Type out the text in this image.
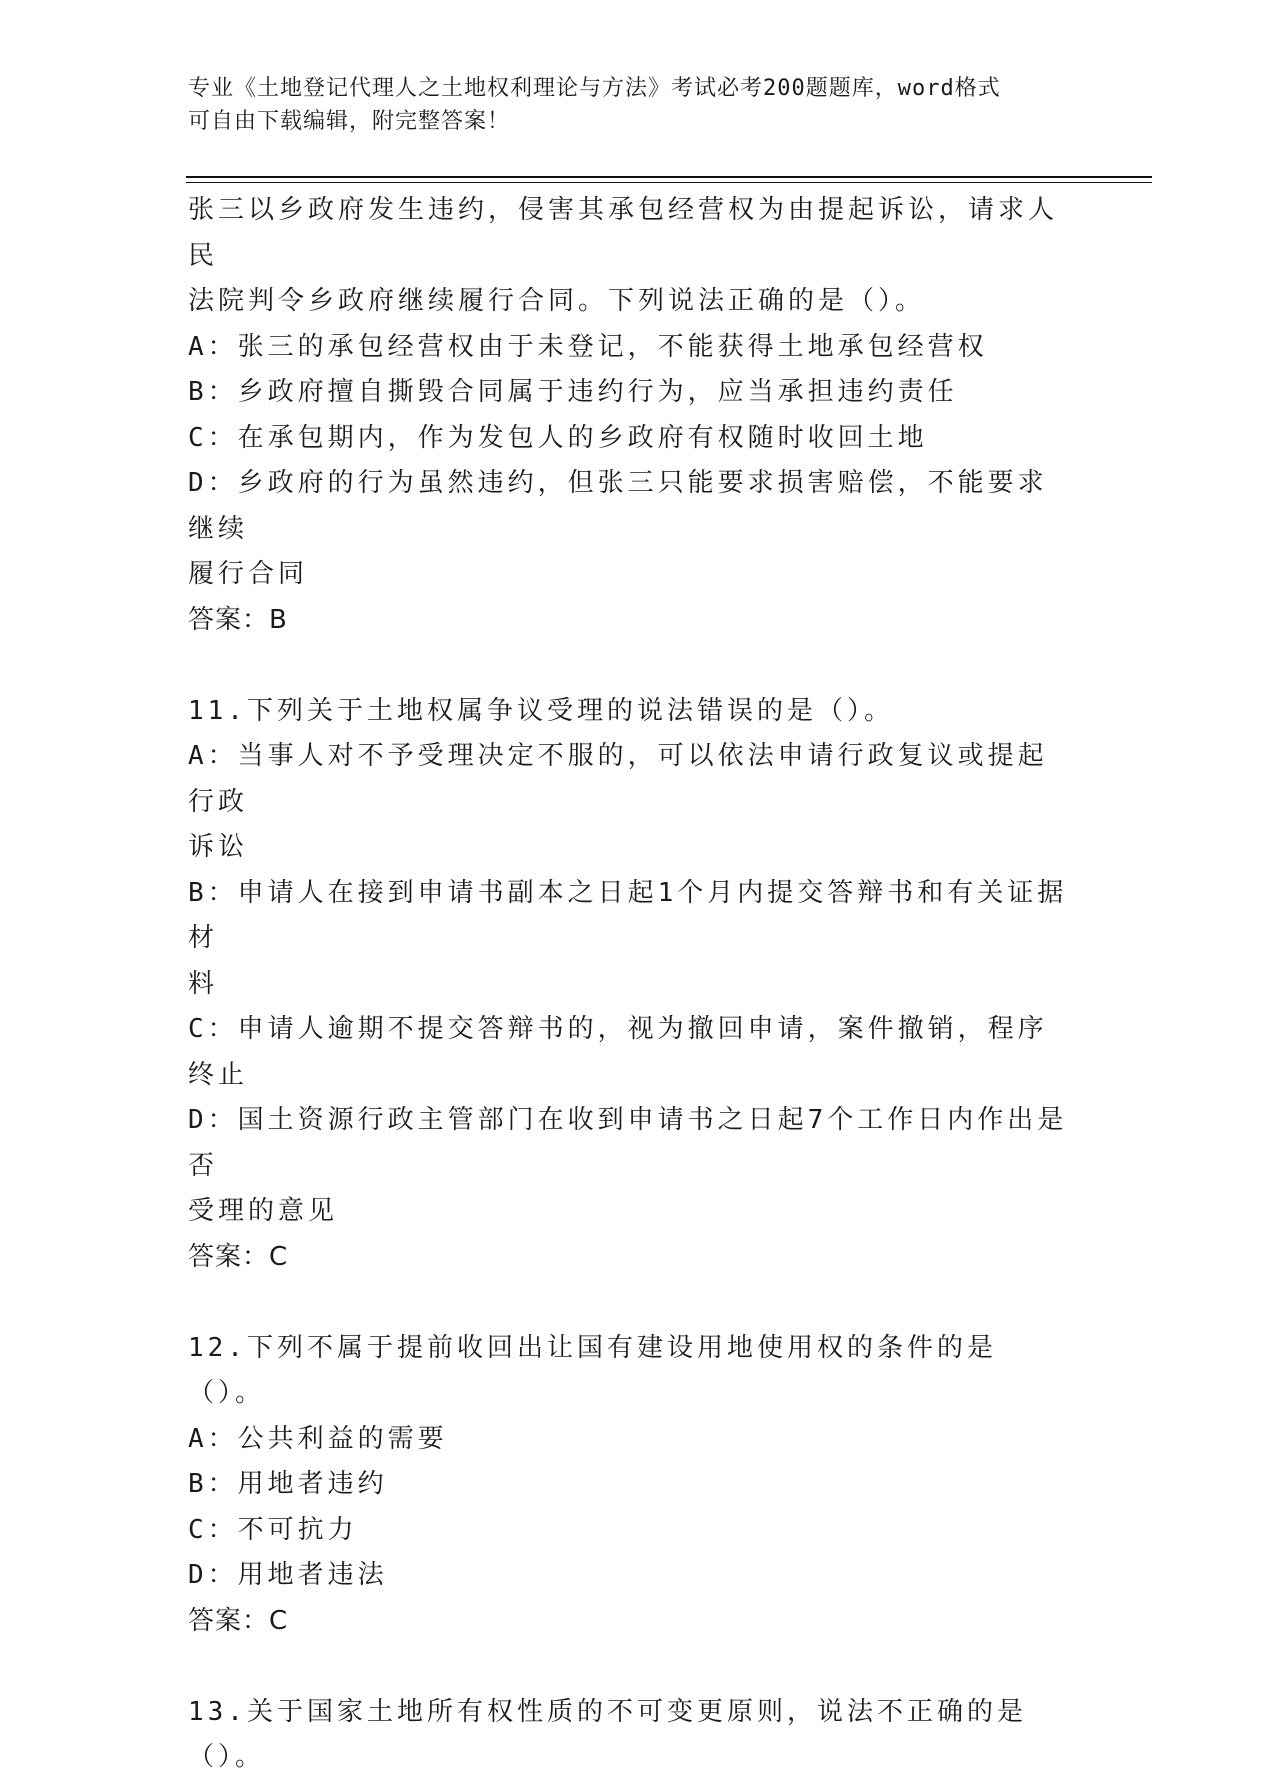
专业《土地登记代理人之土地权利理论与方法》考试必考200题题库，word格式

可自由下载编辑，附完整答案！

张三以乡政府发生违约，侵害其承包经营权为由提起诉讼，请求人民

法院判令乡政府继续履行合同。下列说法正确的是（）。

A：张三的承包经营权由于未登记，不能获得土地承包经营权

B：乡政府擅自撕毁合同属于违约行为，应当承担违约责任

C：在承包期内，作为发包人的乡政府有权随时收回土地

D：乡政府的行为虽然违约，但张三只能要求损害赔偿，不能要求继续

履行合同

答案：B

11.下列关于土地权属争议受理的说法错误的是（）。

A：当事人对不予受理决定不服的，可以依法申请行政复议或提起行政

诉讼

B：申请人在接到申请书副本之日起1个月内提交答辩书和有关证据材

料

C：申请人逾期不提交答辩书的，视为撤回申请，案件撤销，程序终止

D：国土资源行政主管部门在收到申请书之日起7个工作日内作出是否

受理的意见

答案：C

12.下列不属于提前收回出让国有建设用地使用权的条件的是（）。

A：公共利益的需要

B：用地者违约

C：不可抗力

D：用地者违法

答案：C

13.关于国家土地所有权性质的不可变更原则，说法不正确的是（）。
